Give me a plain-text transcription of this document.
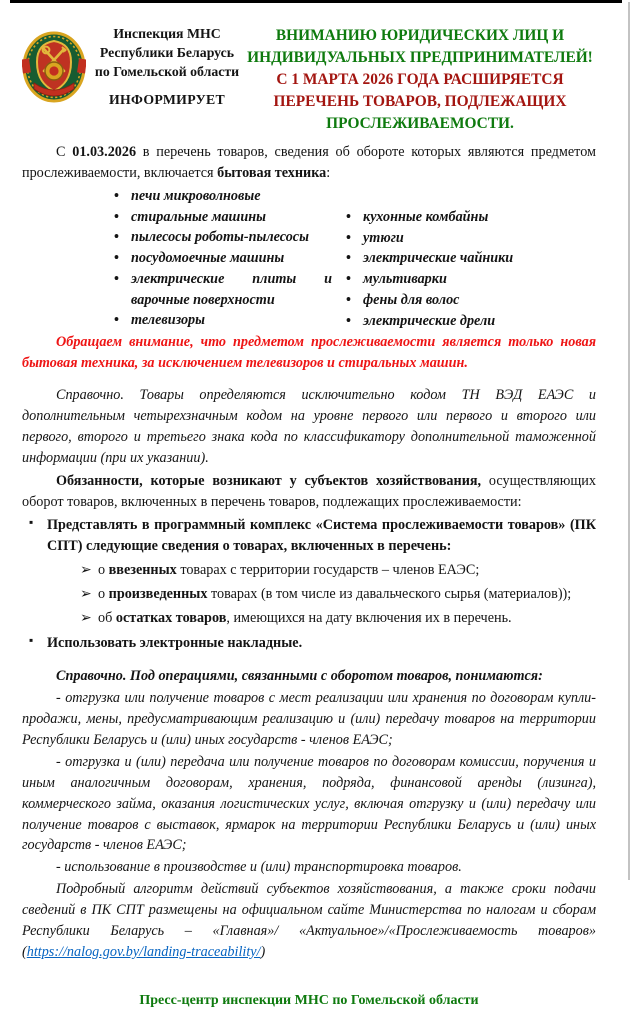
Инспекция МНС
Республики Беларусь
по Гомельской области
ИНФОРМИРУЕТ
ВНИМАНИЮ ЮРИДИЧЕСКИХ ЛИЦ И ИНДИВИДУАЛЬНЫХ ПРЕДПРИНИМАТЕЛЕЙ! С 1 МАРТА 2026 ГОДА РАСШИРЯЕТСЯ ПЕРЕЧЕНЬ ТОВАРОВ, ПОДЛЕЖАЩИХ ПРОСЛЕЖИВАЕМОСТИ.

С 01.03.2026 в перечень товаров, сведения об обороте которых являются предметом прослеживаемости, включается бытовая техника:

• печи микроволновые
• стиральные машины
• пылесосы роботы-пылесосы
• посудомоечные машины
• электрические плиты и варочные поверхности
• телевизоры
• кухонные комбайны
• утюги
• электрические чайники
• мультиварки
• фены для волос
• электрические дрели

Обращаем внимание, что предметом прослеживаемости является только новая бытовая техника, за исключением телевизоров и стиральных машин.

Справочно. Товары определяются исключительно кодом ТН ВЭД ЕАЭС и дополнительным четырехзначным кодом на уровне первого или первого и второго или первого, второго и третьего знака кода по классификатору дополнительной таможенной информации (при их указании).

Обязанности, которые возникают у субъектов хозяйствования, осуществляющих оборот товаров, включенных в перечень товаров, подлежащих прослеживаемости:

▪ Представлять в программный комплекс «Система прослеживаемости товаров» (ПК СПТ) следующие сведения о товарах, включенных в перечень:
➢ о ввезенных товарах с территории государств – членов ЕАЭС;
➢ о произведенных товарах (в том числе из давальческого сырья (материалов));
➢ об остатках товаров, имеющихся на дату включения их в перечень.
▪ Использовать электронные накладные.

Справочно. Под операциями, связанными с оборотом товаров, понимаются:

- отгрузка или получение товаров с мест реализации или хранения по договорам купли-продажи, мены, предусматривающим реализацию и (или) передачу товаров на территории Республики Беларусь и (или) иных государств - членов ЕАЭС;

- отгрузка и (или) передача или получение товаров по договорам комиссии, поручения и иным аналогичным договорам, хранения, подряда, финансовой аренды (лизинга), коммерческого займа, оказания логистических услуг, включая отгрузку и (или) передачу или получение товаров с выставок, ярмарок на территории Республики Беларусь и (или) иных государств - членов ЕАЭС;

- использование в производстве и (или) транспортировка товаров.

Подробный алгоритм действий субъектов хозяйствования, а также сроки подачи сведений в ПК СПТ размещены на официальном сайте Министерства по налогам и сборам Республики Беларусь – «Главная»/ «Актуальное»/«Прослеживаемость товаров» (https://nalog.gov.by/landing-traceability/)

Пресс-центр инспекции МНС по Гомельской области
